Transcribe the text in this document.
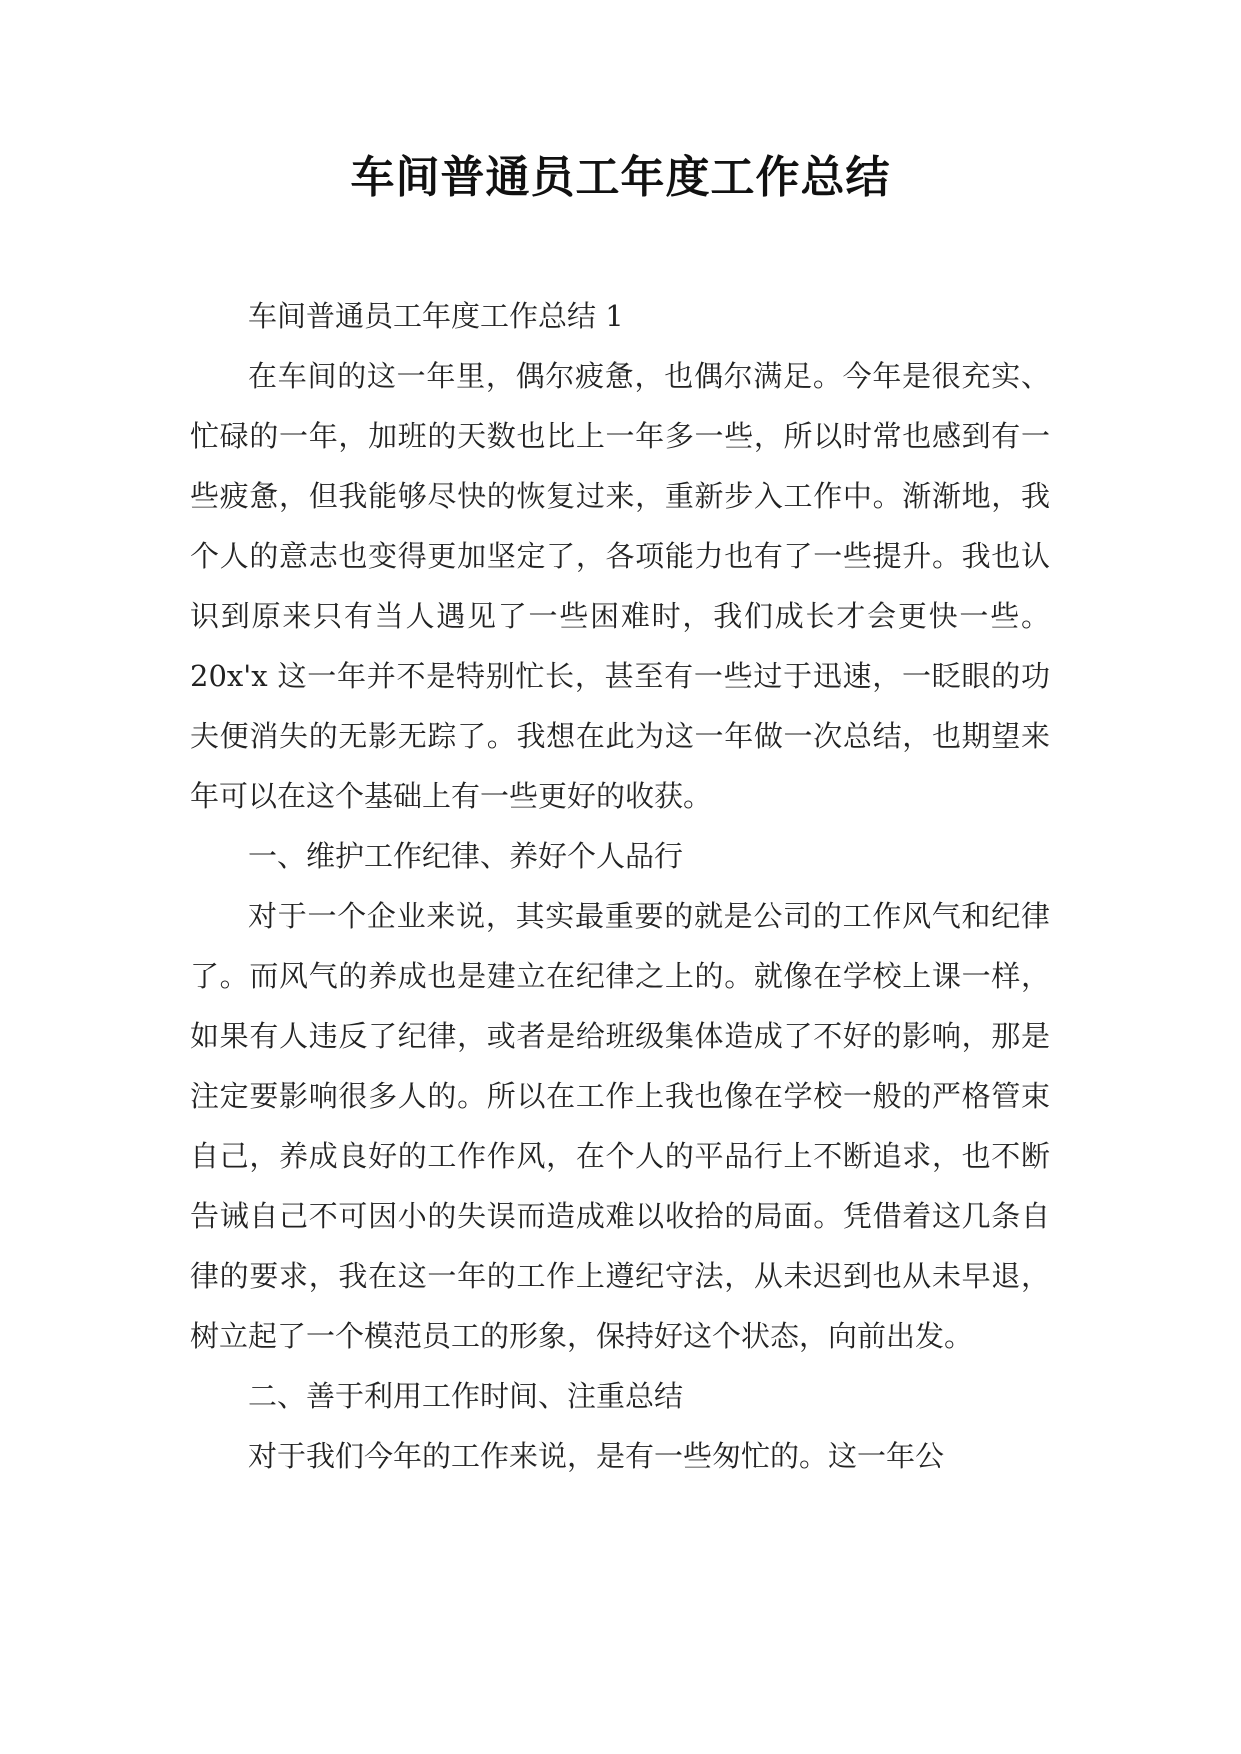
车间普通员工年度工作总结

车间普通员工年度工作总结 1

在车间的这一年里，偶尔疲惫，也偶尔满足。今年是很充实、忙碌的一年，加班的天数也比上一年多一些，所以时常也感到有一些疲惫，但我能够尽快的恢复过来，重新步入工作中。渐渐地，我个人的意志也变得更加坚定了，各项能力也有了一些提升。我也认识到原来只有当人遇见了一些困难时，我们成长才会更快一些。20x'x 这一年并不是特别忙长，甚至有一些过于迅速，一眨眼的功夫便消失的无影无踪了。我想在此为这一年做一次总结，也期望来年可以在这个基础上有一些更好的收获。

一、维护工作纪律、养好个人品行

对于一个企业来说，其实最重要的就是公司的工作风气和纪律了。而风气的养成也是建立在纪律之上的。就像在学校上课一样，如果有人违反了纪律，或者是给班级集体造成了不好的影响，那是注定要影响很多人的。所以在工作上我也像在学校一般的严格管束自己，养成良好的工作作风，在个人的平品行上不断追求，也不断告诫自己不可因小的失误而造成难以收拾的局面。凭借着这几条自律的要求，我在这一年的工作上遵纪守法，从未迟到也从未早退，树立起了一个模范员工的形象，保持好这个状态，向前出发。

二、善于利用工作时间、注重总结

对于我们今年的工作来说，是有一些匆忙的。这一年公
